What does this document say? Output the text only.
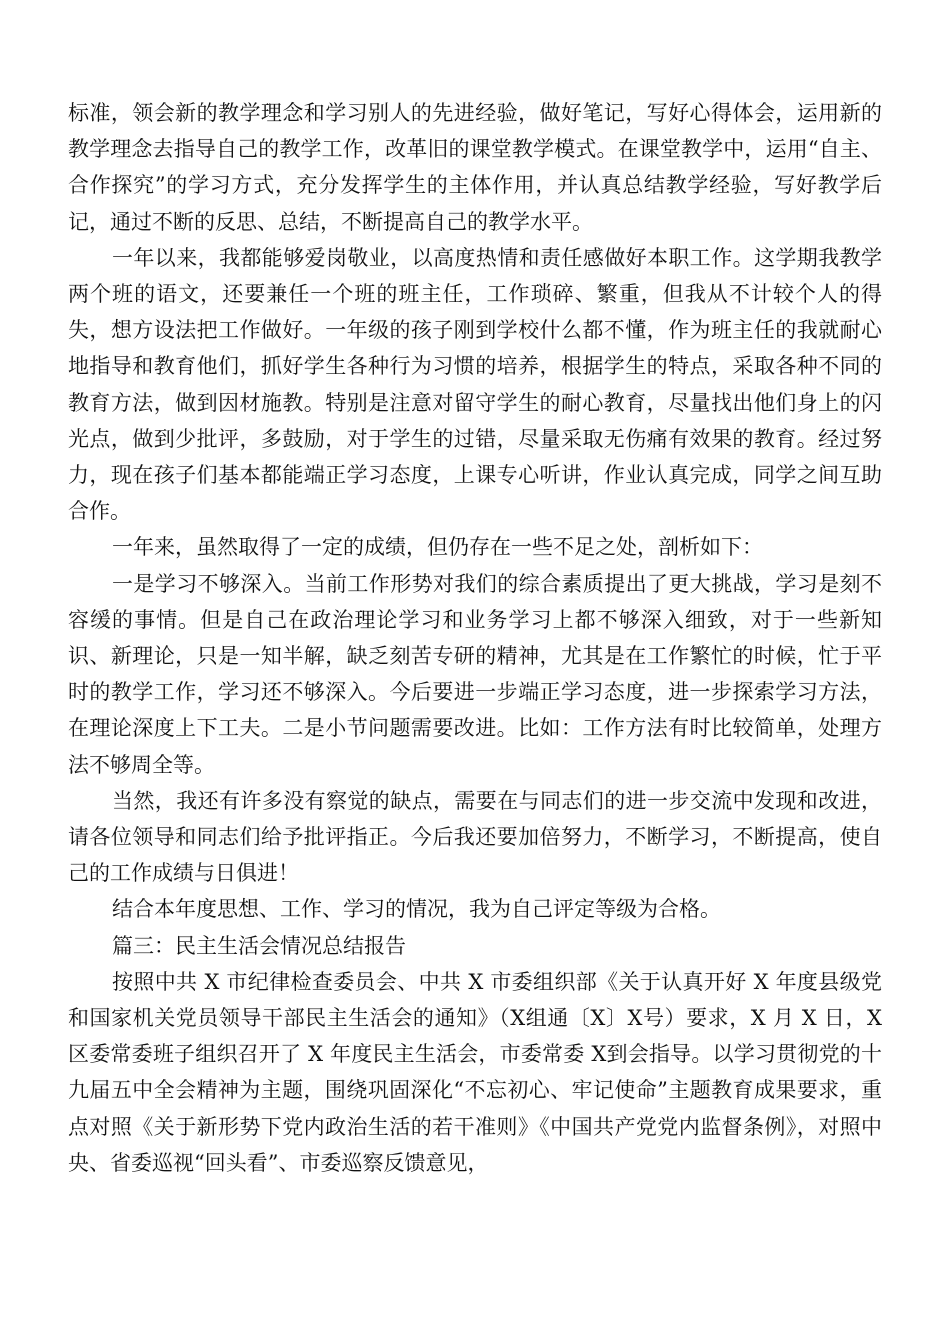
标准，领会新的教学理念和学习别人的先进经验，做好笔记，写好心得体会，运用新的教学理念去指导自己的教学工作，改革旧的课堂教学模式。在课堂教学中，运用“自主、合作探究”的学习方式，充分发挥学生的主体作用，并认真总结教学经验，写好教学后记，通过不断的反思、总结，不断提高自己的教学水平。

一年以来，我都能够爱岗敬业，以高度热情和责任感做好本职工作。这学期我教学两个班的语文，还要兼任一个班的班主任，工作琐碎、繁重，但我从不计较个人的得失，想方设法把工作做好。一年级的孩子刚到学校什么都不懂，作为班主任的我就耐心地指导和教育他们，抓好学生各种行为习惯的培养，根据学生的特点，采取各种不同的教育方法，做到因材施教。特别是注意对留守学生的耐心教育，尽量找出他们身上的闪光点，做到少批评，多鼓励，对于学生的过错，尽量采取无伤痛有效果的教育。经过努力，现在孩子们基本都能端正学习态度，上课专心听讲，作业认真完成，同学之间互助合作。

一年来，虽然取得了一定的成绩，但仍存在一些不足之处，剖析如下：

一是学习不够深入。当前工作形势对我们的综合素质提出了更大挑战，学习是刻不容缓的事情。但是自己在政治理论学习和业务学习上都不够深入细致，对于一些新知识、新理论，只是一知半解，缺乏刻苦专研的精神，尤其是在工作繁忙的时候，忙于平时的教学工作，学习还不够深入。今后要进一步端正学习态度，进一步探索学习方法，在理论深度上下工夫。二是小节问题需要改进。比如：工作方法有时比较简单，处理方法不够周全等。

当然，我还有许多没有察觉的缺点，需要在与同志们的进一步交流中发现和改进，请各位领导和同志们给予批评指正。今后我还要加倍努力，不断学习，不断提高，使自己的工作成绩与日俱进！

结合本年度思想、工作、学习的情况，我为自己评定等级为合格。

篇三：民主生活会情况总结报告

按照中共 X 市纪律检查委员会、中共 X 市委组织部《关于认真开好 X 年度县级党和国家机关党员领导干部民主生活会的通知》（X组通〔X〕X号）要求，X 月 X 日，X 区委常委班子组织召开了 X 年度民主生活会，市委常委 X到会指导。以学习贯彻党的十九届五中全会精神为主题，围绕巩固深化“不忘初心、牢记使命”主题教育成果要求，重点对照《关于新形势下党内政治生活的若干准则》《中国共产党党内监督条例》，对照中央、省委巡视“回头看”、市委巡察反馈意见，
